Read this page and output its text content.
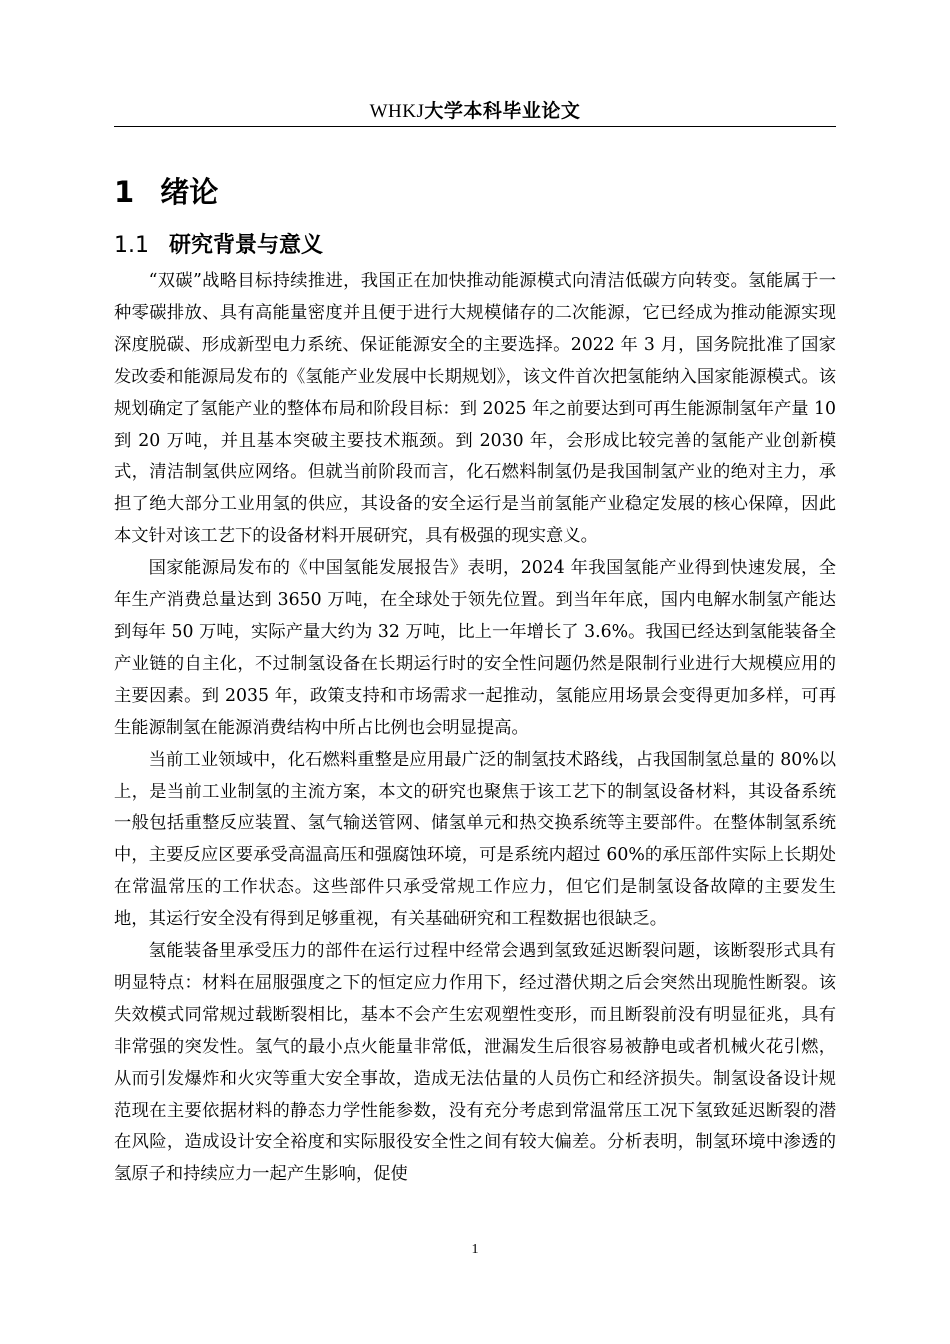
WHKJ大学本科毕业论文
1 绪论
1.1 研究背景与意义

“双碳”战略目标持续推进，我国正在加快推动能源模式向清洁低碳方向转变。氢能属于一种零碳排放、具有高能量密度并且便于进行大规模储存的二次能源，它已经成为推动能源实现深度脱碳、形成新型电力系统、保证能源安全的主要选择。2022 年 3 月，国务院批准了国家发改委和能源局发布的《氢能产业发展中长期规划》，该文件首次把氢能纳入国家能源模式。该规划确定了氢能产业的整体布局和阶段目标：到 2025 年之前要达到可再生能源制氢年产量 10 到 20 万吨，并且基本突破主要技术瓶颈。到 2030 年，会形成比较完善的氢能产业创新模式，清洁制氢供应网络。但就当前阶段而言，化石燃料制氢仍是我国制氢产业的绝对主力，承担了绝大部分工业用氢的供应，其设备的安全运行是当前氢能产业稳定发展的核心保障，因此本文针对该工艺下的设备材料开展研究，具有极强的现实意义。

国家能源局发布的《中国氢能发展报告》表明，2024 年我国氢能产业得到快速发展，全年生产消费总量达到 3650 万吨，在全球处于领先位置。到当年年底，国内电解水制氢产能达到每年 50 万吨，实际产量大约为 32 万吨，比上一年增长了 3.6%。我国已经达到氢能装备全产业链的自主化，不过制氢设备在长期运行时的安全性问题仍然是限制行业进行大规模应用的主要因素。到 2035 年，政策支持和市场需求一起推动，氢能应用场景会变得更加多样，可再生能源制氢在能源消费结构中所占比例也会明显提高。

当前工业领域中，化石燃料重整是应用最广泛的制氢技术路线，占我国制氢总量的 80%以上，是当前工业制氢的主流方案，本文的研究也聚焦于该工艺下的制氢设备材料，其设备系统一般包括重整反应装置、氢气输送管网、储氢单元和热交换系统等主要部件。在整体制氢系统中，主要反应区要承受高温高压和强腐蚀环境，可是系统内超过 60%的承压部件实际上长期处在常温常压的工作状态。这些部件只承受常规工作应力，但它们是制氢设备故障的主要发生地，其运行安全没有得到足够重视，有关基础研究和工程数据也很缺乏。

氢能装备里承受压力的部件在运行过程中经常会遇到氢致延迟断裂问题，该断裂形式具有明显特点：材料在屈服强度之下的恒定应力作用下，经过潜伏期之后会突然出现脆性断裂。该失效模式同常规过载断裂相比，基本不会产生宏观塑性变形，而且断裂前没有明显征兆，具有非常强的突发性。氢气的最小点火能量非常低，泄漏发生后很容易被静电或者机械火花引燃，从而引发爆炸和火灾等重大安全事故，造成无法估量的人员伤亡和经济损失。制氢设备设计规范现在主要依据材料的静态力学性能参数，没有充分考虑到常温常压工况下氢致延迟断裂的潜在风险，造成设计安全裕度和实际服役安全性之间有较大偏差。分析表明，制氢环境中渗透的氢原子和持续应力一起产生影响，促使

1
